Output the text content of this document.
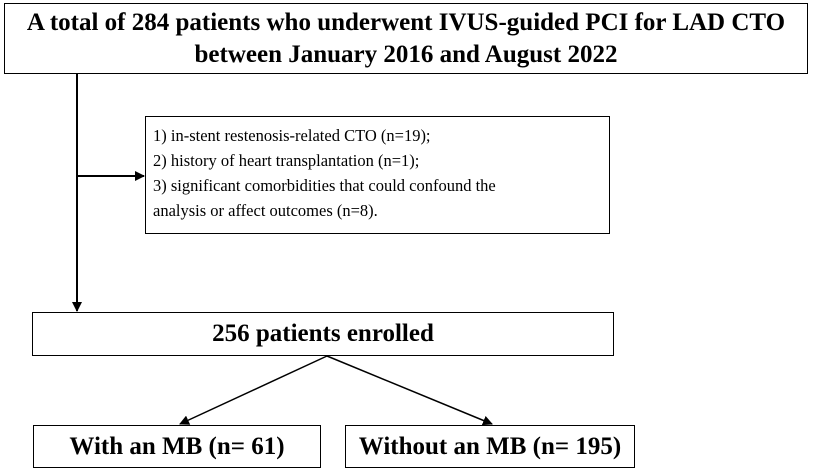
A total of 284 patients who underwent IVUS-guided PCI for LAD CTO
between January 2016 and August 2022
1) in-stent restenosis-related CTO (n=19);
2) history of heart transplantation (n=1);
3) significant comorbidities that could confound the
analysis or affect outcomes (n=8).
256 patients enrolled
With an MB (n= 61)	Without an MB (n= 195)
